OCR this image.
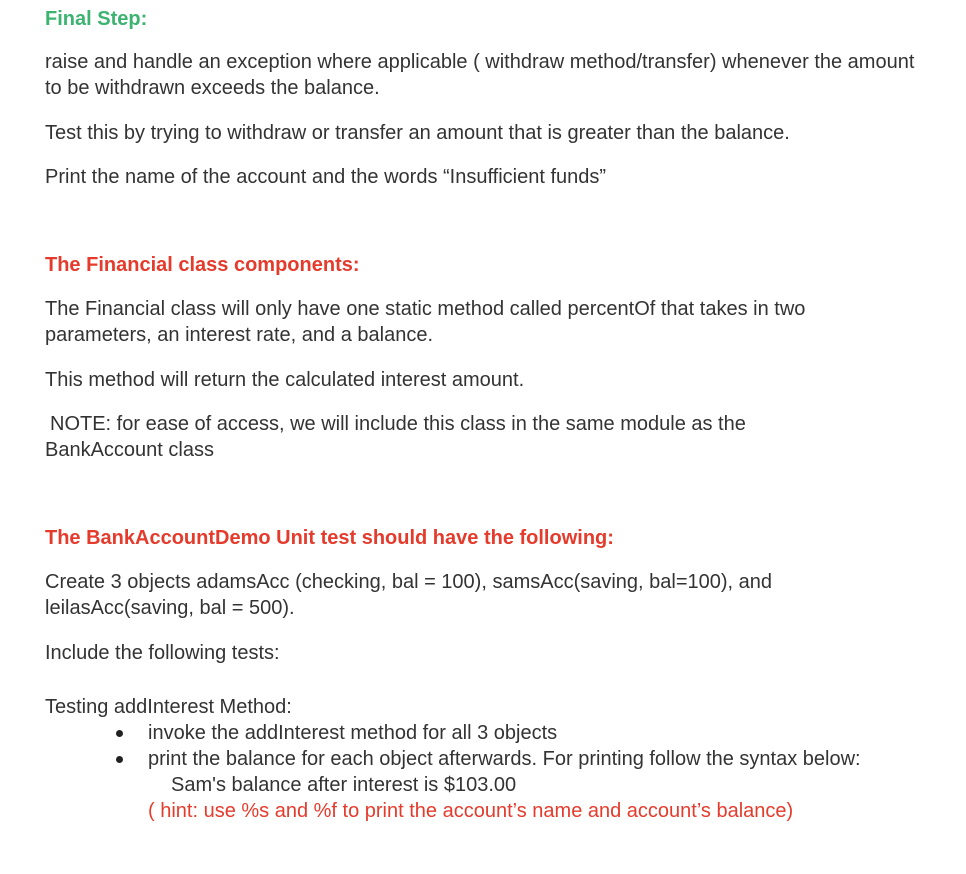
Final Step:

raise and handle an exception where applicable ( withdraw method/transfer) whenever the amount to be withdrawn exceeds the balance.

Test this by trying to withdraw or transfer an amount that is greater than the balance.

Print the name of the account and the words “Insufficient funds”

The Financial class components:

The Financial class will only have one static method called percentOf that takes in two parameters, an interest rate, and a balance.

This method will return the calculated interest amount.

NOTE: for ease of access, we will include this class in the same module as the BankAccount class

The BankAccountDemo Unit test should have the following:

Create 3 objects adamsAcc (checking, bal = 100), samsAcc(saving, bal=100), and leilasAcc(saving, bal = 500).

Include the following tests:

Testing addInterest Method:

invoke the addInterest method for all 3 objects
print the balance for each object afterwards. For printing follow the syntax below:

Sam's balance after interest is $103.00

( hint: use %s and %f to print the account’s name and account’s balance)
